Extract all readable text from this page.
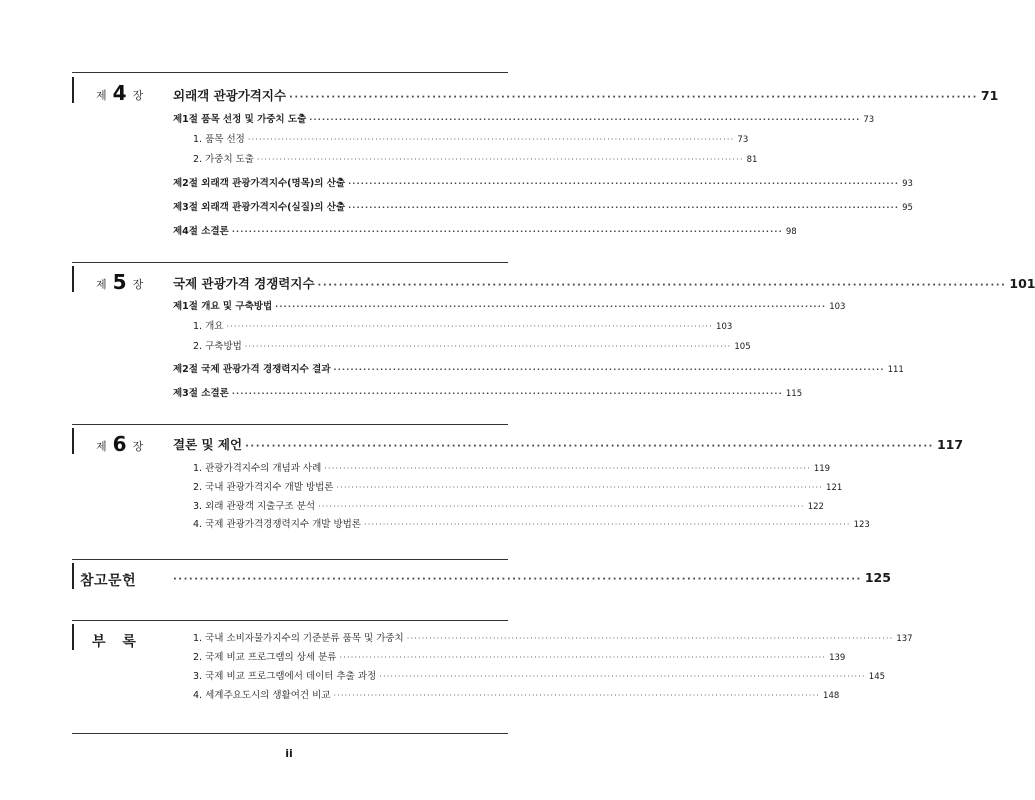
제 4 장 외래객 관광가격지수 ·································································································································· 71
제1절 품목 선정 및 가중치 도출 ·································································································································· 73
1. 품목 선정 ·································································································································· 73
2. 가중치 도출 ·································································································································· 81
제2절 외래객 관광가격지수(명목)의 산출 ·································································································································· 93
제3절 외래객 관광가격지수(실질)의 산출 ·································································································································· 95
제4절 소결론 ·································································································································· 98
제 5 장 국제 관광가격 경쟁력지수 ·································································································································· 101
제1절 개요 및 구축방법 ·································································································································· 103
1. 개요 ·································································································································· 103
2. 구축방법 ·································································································································· 105
제2절 국제 관광가격 경쟁력지수 결과 ·································································································································· 111
제3절 소결론 ·································································································································· 115
제 6 장 결론 및 제언 ·································································································································· 117
1. 관광가격지수의 개념과 사례 ·································································································································· 119
2. 국내 관광가격지수 개발 방법론 ·································································································································· 121
3. 외래 관광객 지출구조 분석 ·································································································································· 122
4. 국제 관광가격경쟁력지수 개발 방법론 ·································································································································· 123
참고문헌	·································································································································· 125
부 록	1. 국내 소비자물가지수의 기준분류 품목 및 가중치 ·································································································································· 137
2. 국제 비교 프로그램의 상세 분류 ·································································································································· 139
3. 국제 비교 프로그램에서 데이터 추출 과정 ·································································································································· 145
4. 세계주요도시의 생활여건 비교 ·································································································································· 148
ii
